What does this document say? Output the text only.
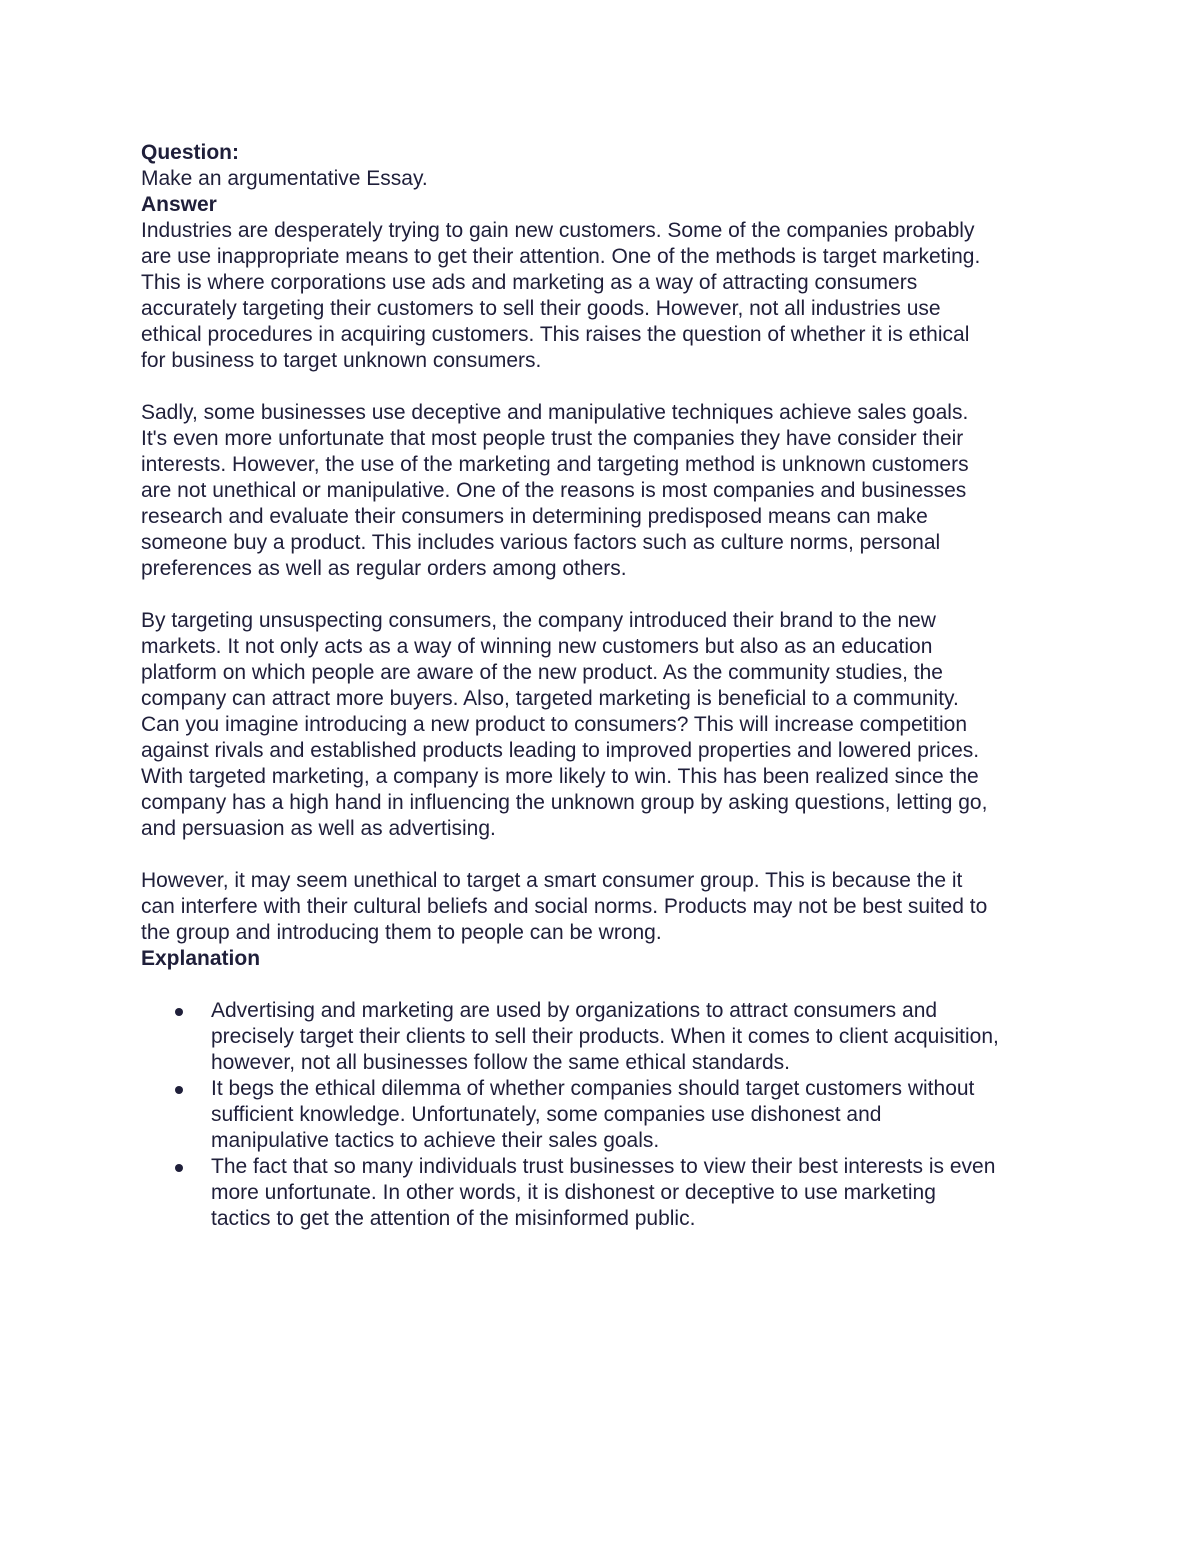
Question:

Make an argumentative Essay.

Answer

Industries are desperately trying to gain new customers. Some of the companies probably
are use inappropriate means to get their attention. One of the methods is target marketing.
This is where corporations use ads and marketing as a way of attracting consumers
accurately targeting their customers to sell their goods. However, not all industries use
ethical procedures in acquiring customers. This raises the question of whether it is ethical
for business to target unknown consumers.

Sadly, some businesses use deceptive and manipulative techniques achieve sales goals.
It's even more unfortunate that most people trust the companies they have consider their
interests. However, the use of the marketing and targeting method is unknown customers
are not unethical or manipulative. One of the reasons is most companies and businesses
research and evaluate their consumers in determining predisposed means can make
someone buy a product. This includes various factors such as culture norms, personal
preferences as well as regular orders among others.

By targeting unsuspecting consumers, the company introduced their brand to the new
markets. It not only acts as a way of winning new customers but also as an education
platform on which people are aware of the new product. As the community studies, the
company can attract more buyers. Also, targeted marketing is beneficial to a community.
Can you imagine introducing a new product to consumers? This will increase competition
against rivals and established products leading to improved properties and lowered prices.
With targeted marketing, a company is more likely to win. This has been realized since the
company has a high hand in influencing the unknown group by asking questions, letting go,
and persuasion as well as advertising.

However, it may seem unethical to target a smart consumer group. This is because the it
can interfere with their cultural beliefs and social norms. Products may not be best suited to
the group and introducing them to people can be wrong.

Explanation

Advertising and marketing are used by organizations to attract consumers and
precisely target their clients to sell their products. When it comes to client acquisition,
however, not all businesses follow the same ethical standards.
It begs the ethical dilemma of whether companies should target customers without
sufficient knowledge. Unfortunately, some companies use dishonest and
manipulative tactics to achieve their sales goals.
The fact that so many individuals trust businesses to view their best interests is even
more unfortunate. In other words, it is dishonest or deceptive to use marketing
tactics to get the attention of the misinformed public.
